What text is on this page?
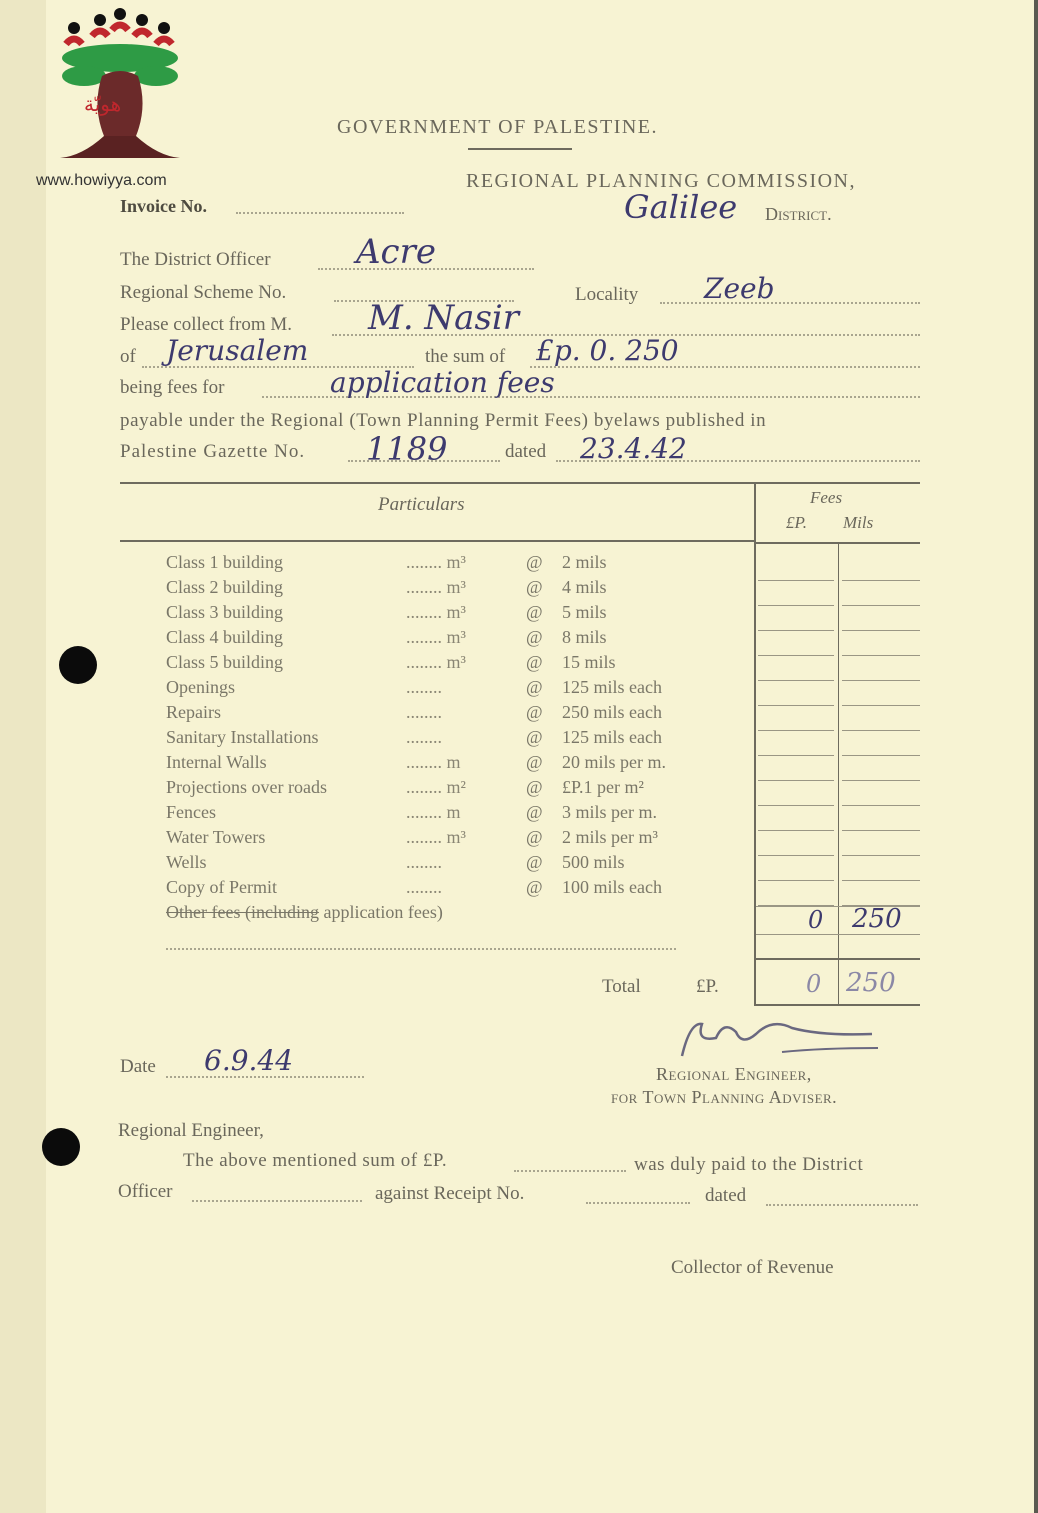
هويّة
www.howiyya.com
GOVERNMENT OF PALESTINE.
REGIONAL PLANNING COMMISSION,
Invoice No.	Galilee District.
The District Officer	Acre
Regional Scheme No.	Locality Zeeb
Please collect from M. M. Nasir
of Jerusalem	the sum of £p. 0. 250
being fees for	application fees
payable under the Regional (Town Planning Permit Fees) byelaws published in
Palestine Gazette No. 1189	dated 23.4.42
Particulars	Fees
£P. Mils
Class 1 building	........ m³	@ 2 mils
Class 2 building	........ m³	@ 4 mils
Class 3 building	........ m³	@ 5 mils
Class 4 building	........ m³	@ 8 mils
Class 5 building	........ m³	@ 15 mils
Openings	........	@ 125 mils each
Repairs	........	@ 250 mils each
Sanitary Installations	........	@ 125 mils each
Internal Walls	........ m	@ 20 mils per m.
Projections over roads	........ m²	@ £P.1 per m²
Fences	........ m	@ 3 mils per m.
Water Towers	........ m³	@ 2 mils per m³
Wells	........	@ 500 mils
Copy of Permit	........	@ 100 mils each
Other fees (including application fees)	0 250
Total	£P.	0 250
Date 6.9.44	Regional Engineer,
for Town Planning Adviser.
Regional Engineer,
The above mentioned sum of £P.	was duly paid to the District
Officer	against Receipt No.	dated
Collector of Revenue
